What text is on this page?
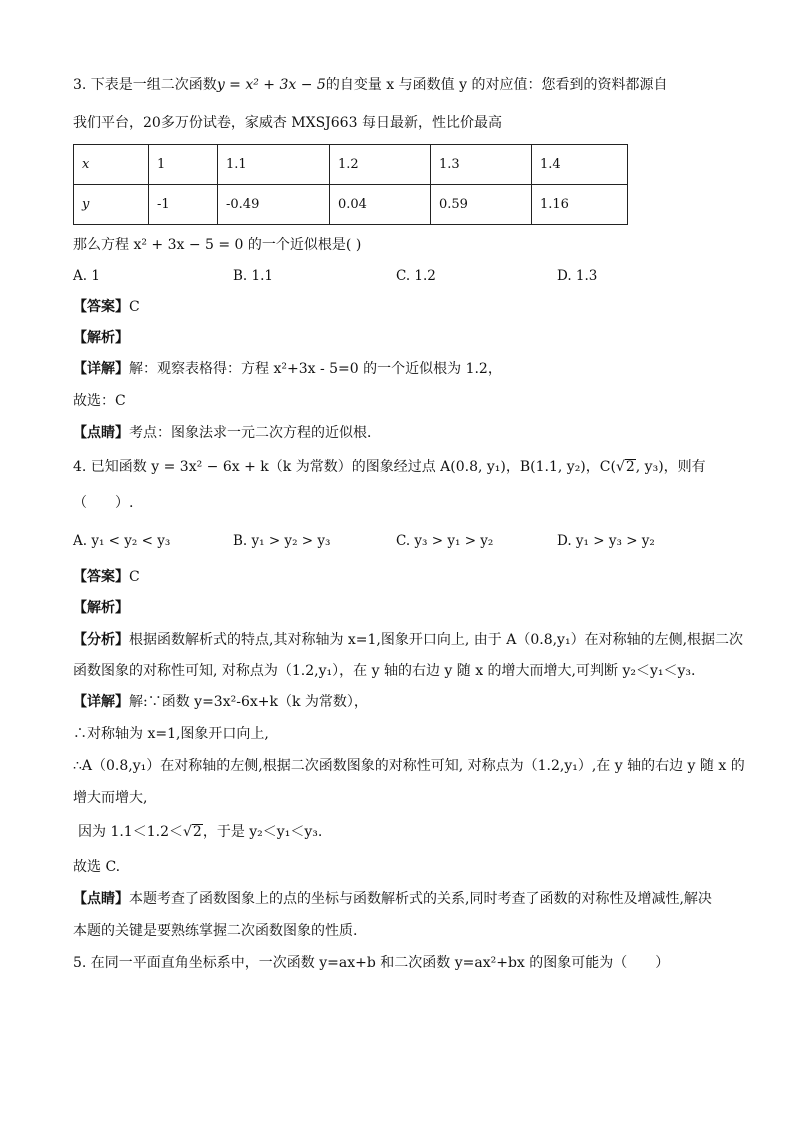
3. 下表是一组二次函数y = x² + 3x − 5的自变量 x 与函数值 y 的对应值：您看到的资料都源自
我们平台，20多万份试卷，家威杏 MXSJ663 每日最新，性比价最高
x	1	1.1	1.2	1.3	1.4
y	-1	-0.49	0.04	0.59	1.16
那么方程 x² + 3x − 5 = 0 的一个近似根是( )
A. 1	B. 1.1	C. 1.2	D. 1.3
【答案】C
【解析】
【详解】解：观察表格得：方程 x²+3x - 5=0 的一个近似根为 1.2，
故选：C
【点睛】考点：图象法求一元二次方程的近似根．
4. 已知函数 y = 3x² − 6x + k（k 为常数）的图象经过点 A(0.8, y₁)，B(1.1, y₂)，C(√2, y₃)，则有
（　　）.
A. y₁ < y₂ < y₃	B. y₁ > y₂ > y₃	C. y₃ > y₁ > y₂	D. y₁ > y₃ > y₂
【答案】C
【解析】
【分析】根据函数解析式的特点,其对称轴为 x=1,图象开口向上, 由于 A（0.8,y₁）在对称轴的左侧,根据二次
函数图象的对称性可知, 对称点为（1.2,y₁），在 y 轴的右边 y 随 x 的增大而增大,可判断 y₂＜y₁＜y₃.
【详解】解:∵函数 y=3x²-6x+k（k 为常数），
∴对称轴为 x=1,图象开口向上,
∴A（0.8,y₁）在对称轴的左侧,根据二次函数图象的对称性可知, 对称点为（1.2,y₁）,在 y 轴的右边 y 随 x 的
增大而增大,
因为 1.1＜1.2＜√2，于是 y₂＜y₁＜y₃.
故选 C.
【点睛】本题考查了函数图象上的点的坐标与函数解析式的关系,同时考查了函数的对称性及增减性,解决
本题的关键是要熟练掌握二次函数图象的性质.
5. 在同一平面直角坐标系中，一次函数 y=ax+b 和二次函数 y=ax²+bx 的图象可能为（　　）
